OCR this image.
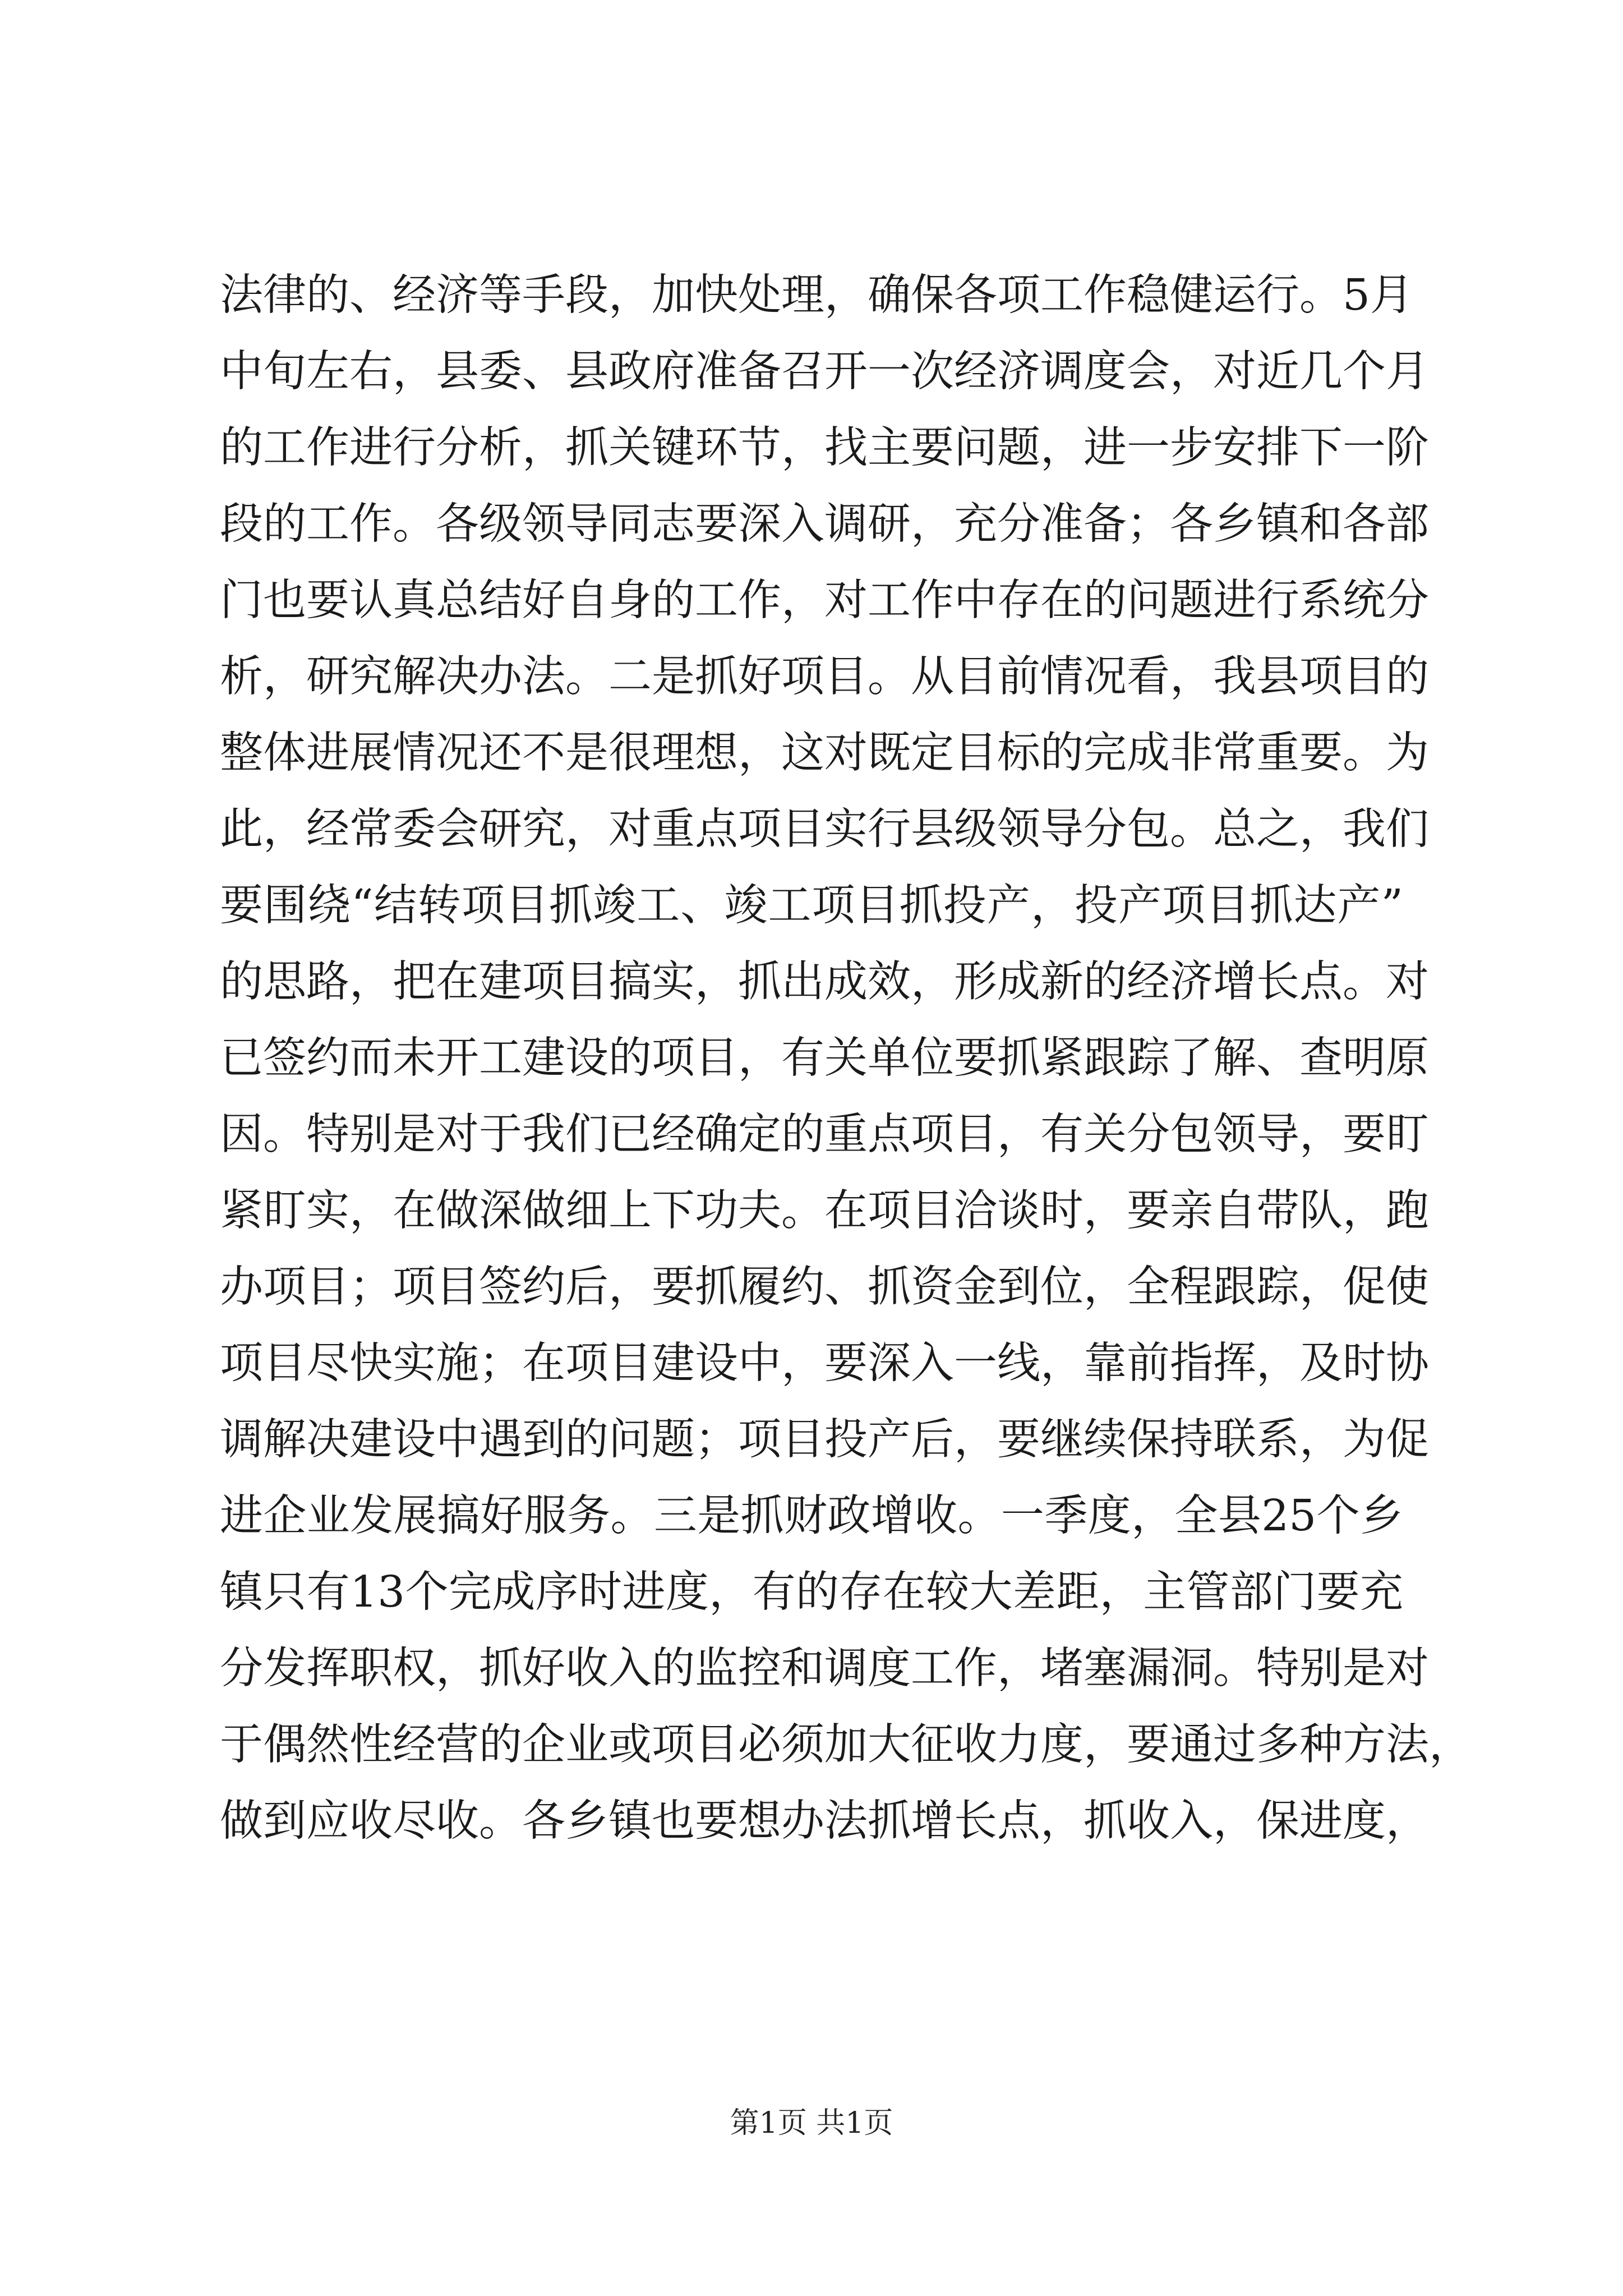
法律的、经济等手段，加快处理，确保各项工作稳健运行。5月
中旬左右，县委、县政府准备召开一次经济调度会，对近几个月
的工作进行分析，抓关键环节，找主要问题，进一步安排下一阶
段的工作。各级领导同志要深入调研，充分准备；各乡镇和各部
门也要认真总结好自身的工作，对工作中存在的问题进行系统分
析，研究解决办法。二是抓好项目。从目前情况看，我县项目的
整体进展情况还不是很理想，这对既定目标的完成非常重要。为
此，经常委会研究，对重点项目实行县级领导分包。总之，我们
要围绕“结转项目抓竣工、竣工项目抓投产，投产项目抓达产”
的思路，把在建项目搞实，抓出成效，形成新的经济增长点。对
已签约而未开工建设的项目，有关单位要抓紧跟踪了解、查明原
因。特别是对于我们已经确定的重点项目，有关分包领导，要盯
紧盯实，在做深做细上下功夫。在项目洽谈时，要亲自带队，跑
办项目；项目签约后，要抓履约、抓资金到位，全程跟踪，促使
项目尽快实施；在项目建设中，要深入一线，靠前指挥，及时协
调解决建设中遇到的问题；项目投产后，要继续保持联系，为促
进企业发展搞好服务。三是抓财政增收。一季度，全县25个乡
镇只有13个完成序时进度，有的存在较大差距，主管部门要充
分发挥职权，抓好收入的监控和调度工作，堵塞漏洞。特别是对
于偶然性经营的企业或项目必须加大征收力度，要通过多种方法，
做到应收尽收。各乡镇也要想办法抓增长点，抓收入，保进度，
第1页 共1页
